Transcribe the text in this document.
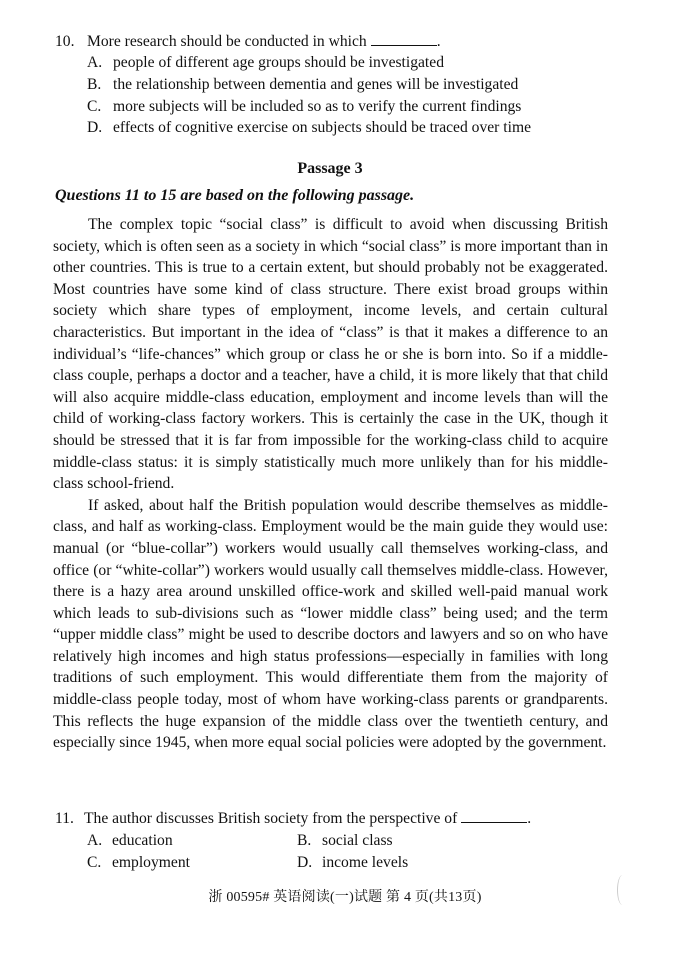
10. More research should be conducted in which	.
A. people of different age groups should be investigated
B. the relationship between dementia and genes will be investigated
C. more subjects will be included so as to verify the current findings
D. effects of cognitive exercise on subjects should be traced over time
Passage 3
Questions 11 to 15 are based on the following passage.

The complex topic “social class” is difficult to avoid when discussing British society, which is often seen as a society in which “social class” is more important than in other countries. This is true to a certain extent, but should probably not be exaggerated. Most countries have some kind of class structure. There exist broad groups within society which share types of employment, income levels, and certain cultural characteristics. But important in the idea of “class” is that it makes a difference to an individual’s “life-chances” which group or class he or she is born into. So if a middle-class couple, perhaps a doctor and a teacher, have a child, it is more likely that that child will also acquire middle-class education, employment and income levels than will the child of working-class factory workers. This is certainly the case in the UK, though it should be stressed that it is far from impossible for the working-class child to acquire middle-class status: it is simply statistically much more unlikely than for his middle-class school-friend.

If asked, about half the British population would describe themselves as middle-class, and half as working-class. Employment would be the main guide they would use: manual (or “blue-collar”) workers would usually call themselves working-class, and office (or “white-collar”) workers would usually call themselves middle-class. However, there is a hazy area around unskilled office-work and skilled well-paid manual work which leads to sub-divisions such as “lower middle class” being used; and the term “upper middle class” might be used to describe doctors and lawyers and so on who have relatively high incomes and high status professions—especially in families with long traditions of such employment. This would differentiate them from the majority of middle-class people today, most of whom have working-class parents or grandparents. This reflects the huge expansion of the middle class over the twentieth century, and especially since 1945, when more equal social policies were adopted by the government.

11. The author discusses British society from the perspective of	.
A. education	B. social class
C. employment	D. income levels
浙 00595# 英语阅读(一)试题 第 4 页(共13页)
